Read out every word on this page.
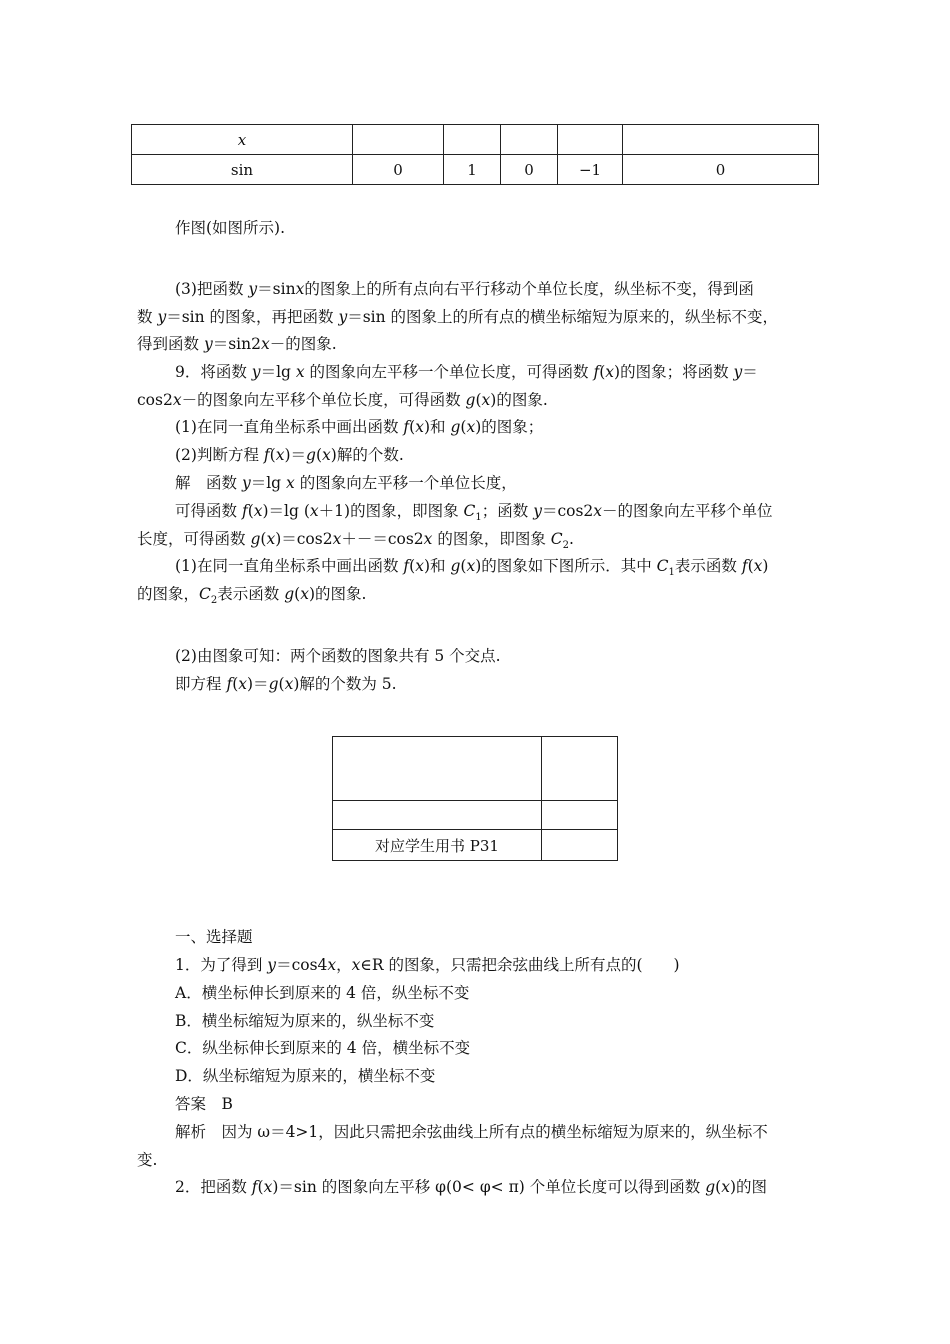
x					
sin	0	1	0	−1	0
作图(如图所示).
(3)把函数 y＝sinx的图象上的所有点向右平行移动个单位长度，纵坐标不变，得到函
数 y＝sin 的图象，再把函数 y＝sin 的图象上的所有点的横坐标缩短为原来的，纵坐标不变，
得到函数 y＝sin2x－的图象.
9．将函数 y＝lg x 的图象向左平移一个单位长度，可得函数 f(x)的图象；将函数 y＝
cos2x－的图象向左平移个单位长度，可得函数 g(x)的图象.
(1)在同一直角坐标系中画出函数 f(x)和 g(x)的图象；
(2)判断方程 f(x)＝g(x)解的个数.
解　函数 y＝lg x 的图象向左平移一个单位长度，
可得函数 f(x)＝lg (x＋1)的图象，即图象 $C_1$；函数 y＝cos2x－的图象向左平移个单位
长度，可得函数 g(x)＝cos2x＋－＝cos2x 的图象，即图象 $C_2$.
(1)在同一直角坐标系中画出函数 f(x)和 g(x)的图象如下图所示．其中 $C_1$表示函数 f(x)
的图象，$C_2$表示函数 g(x)的图象.
(2)由图象可知：两个函数的图象共有 5 个交点.
即方程 f(x)＝g(x)解的个数为 5.

对应学生用书 P31	
一、选择题
1．为了得到 y＝cos4x，x∈R 的图象，只需把余弦曲线上所有点的(　　)
A．横坐标伸长到原来的 4 倍，纵坐标不变
B．横坐标缩短为原来的，纵坐标不变
C．纵坐标伸长到原来的 4 倍，横坐标不变
D．纵坐标缩短为原来的，横坐标不变
答案　B
解析　因为 ω＝4>1，因此只需把余弦曲线上所有点的横坐标缩短为原来的，纵坐标不
变.
2．把函数 f(x)＝sin 的图象向左平移 φ(0< φ< π) 个单位长度可以得到函数 g(x)的图
